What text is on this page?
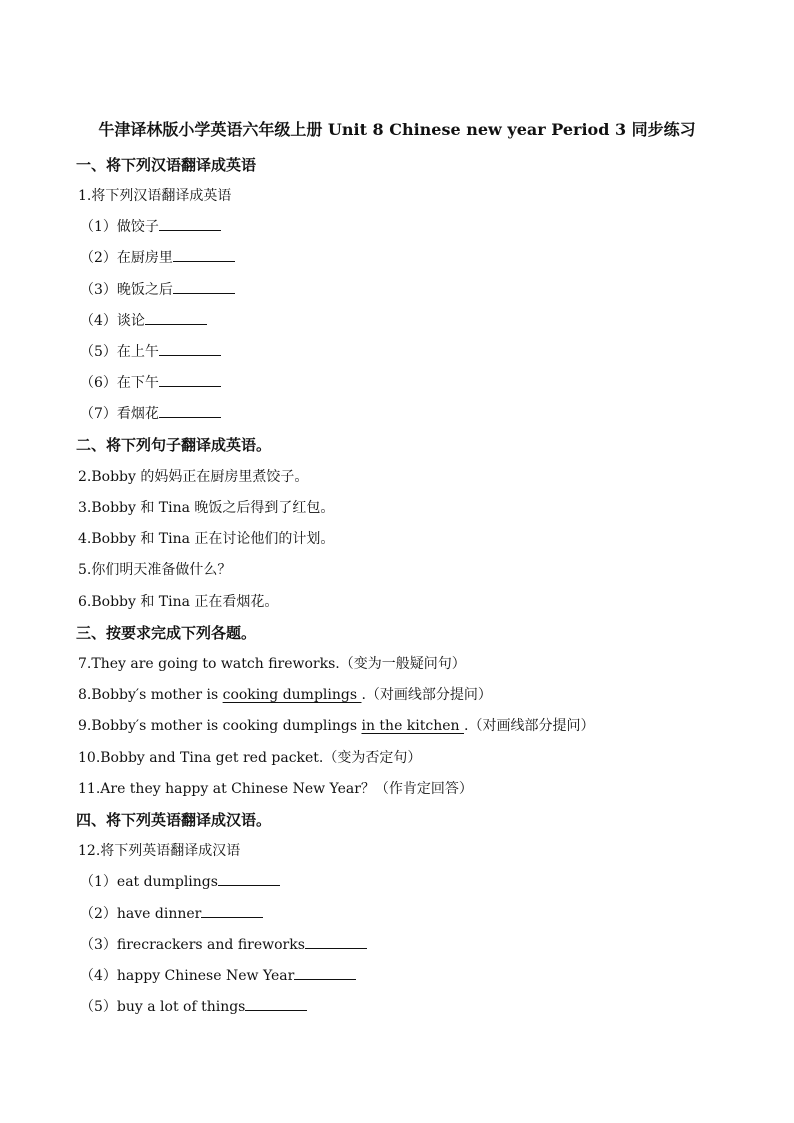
牛津译林版小学英语六年级上册 Unit 8 Chinese new year Period 3 同步练习
一、将下列汉语翻译成英语
1.将下列汉语翻译成英语
（1）做饺子
（2）在厨房里
（3）晚饭之后
（4）谈论
（5）在上午
（6）在下午
（7）看烟花
二、将下列句子翻译成英语。
2.Bobby 的妈妈正在厨房里煮饺子。
3.Bobby 和 Tina 晚饭之后得到了红包。
4.Bobby 和 Tina 正在讨论他们的计划。
5.你们明天准备做什么？
6.Bobby 和 Tina 正在看烟花。
三、按要求完成下列各题。
7.They are going to watch fireworks.（变为一般疑问句）
8.Bobby′s mother is cooking dumplings .（对画线部分提问）
9.Bobby′s mother is cooking dumplings in the kitchen .（对画线部分提问）
10.Bobby and Tina get red packet.（变为否定句）
11.Are they happy at Chinese New Year？（作肯定回答）
四、将下列英语翻译成汉语。
12.将下列英语翻译成汉语
（1）eat dumplings
（2）have dinner
（3）firecrackers and fireworks
（4）happy Chinese New Year
（5）buy a lot of things
